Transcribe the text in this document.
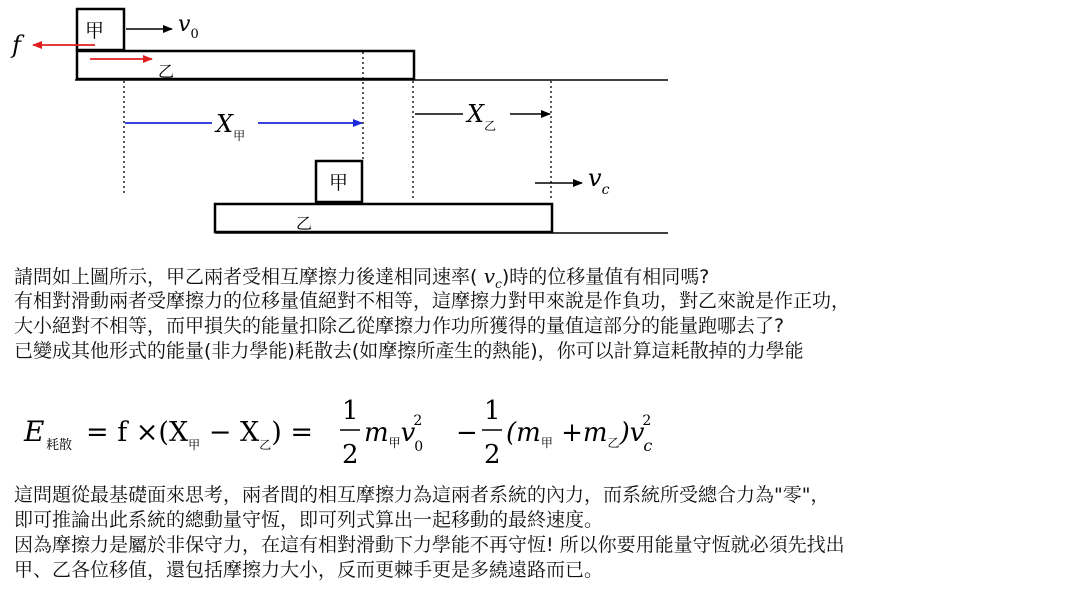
乙
甲	$v_0$
f
$X_甲$
$X_乙$
乙
甲	$v_c$
請問如上圖所示，甲乙兩者受相互摩擦力後達相同速率( $v_c$)時的位移量值有相同嗎?
有相對滑動兩者受摩擦力的位移量值絕對不相等，這摩擦力對甲來說是作負功，對乙來說是作正功，
大小絕對不相等，而甲損失的能量扣除乙從摩擦力作功所獲得的量值這部分的能量跑哪去了?
已變成其他形式的能量(非力學能)耗散去(如摩擦所產生的熱能)，你可以計算這耗散掉的力學能
E 耗散 = $f \times(X_甲 - X_乙)$ =
1
2
$m_甲v2$ 0 −
1
2
$(m_甲 +m_乙)v2$ c
這問題從最基礎面來思考，兩者間的相互摩擦力為這兩者系統的內力，而系統所受總合力為"零"，
即可推論出此系統的總動量守恆，即可列式算出一起移動的最終速度。
因為摩擦力是屬於非保守力，在這有相對滑動下力學能不再守恆! 所以你要用能量守恆就必須先找出
甲、乙各位移值，還包括摩擦力大小，反而更棘手更是多繞遠路而已。
